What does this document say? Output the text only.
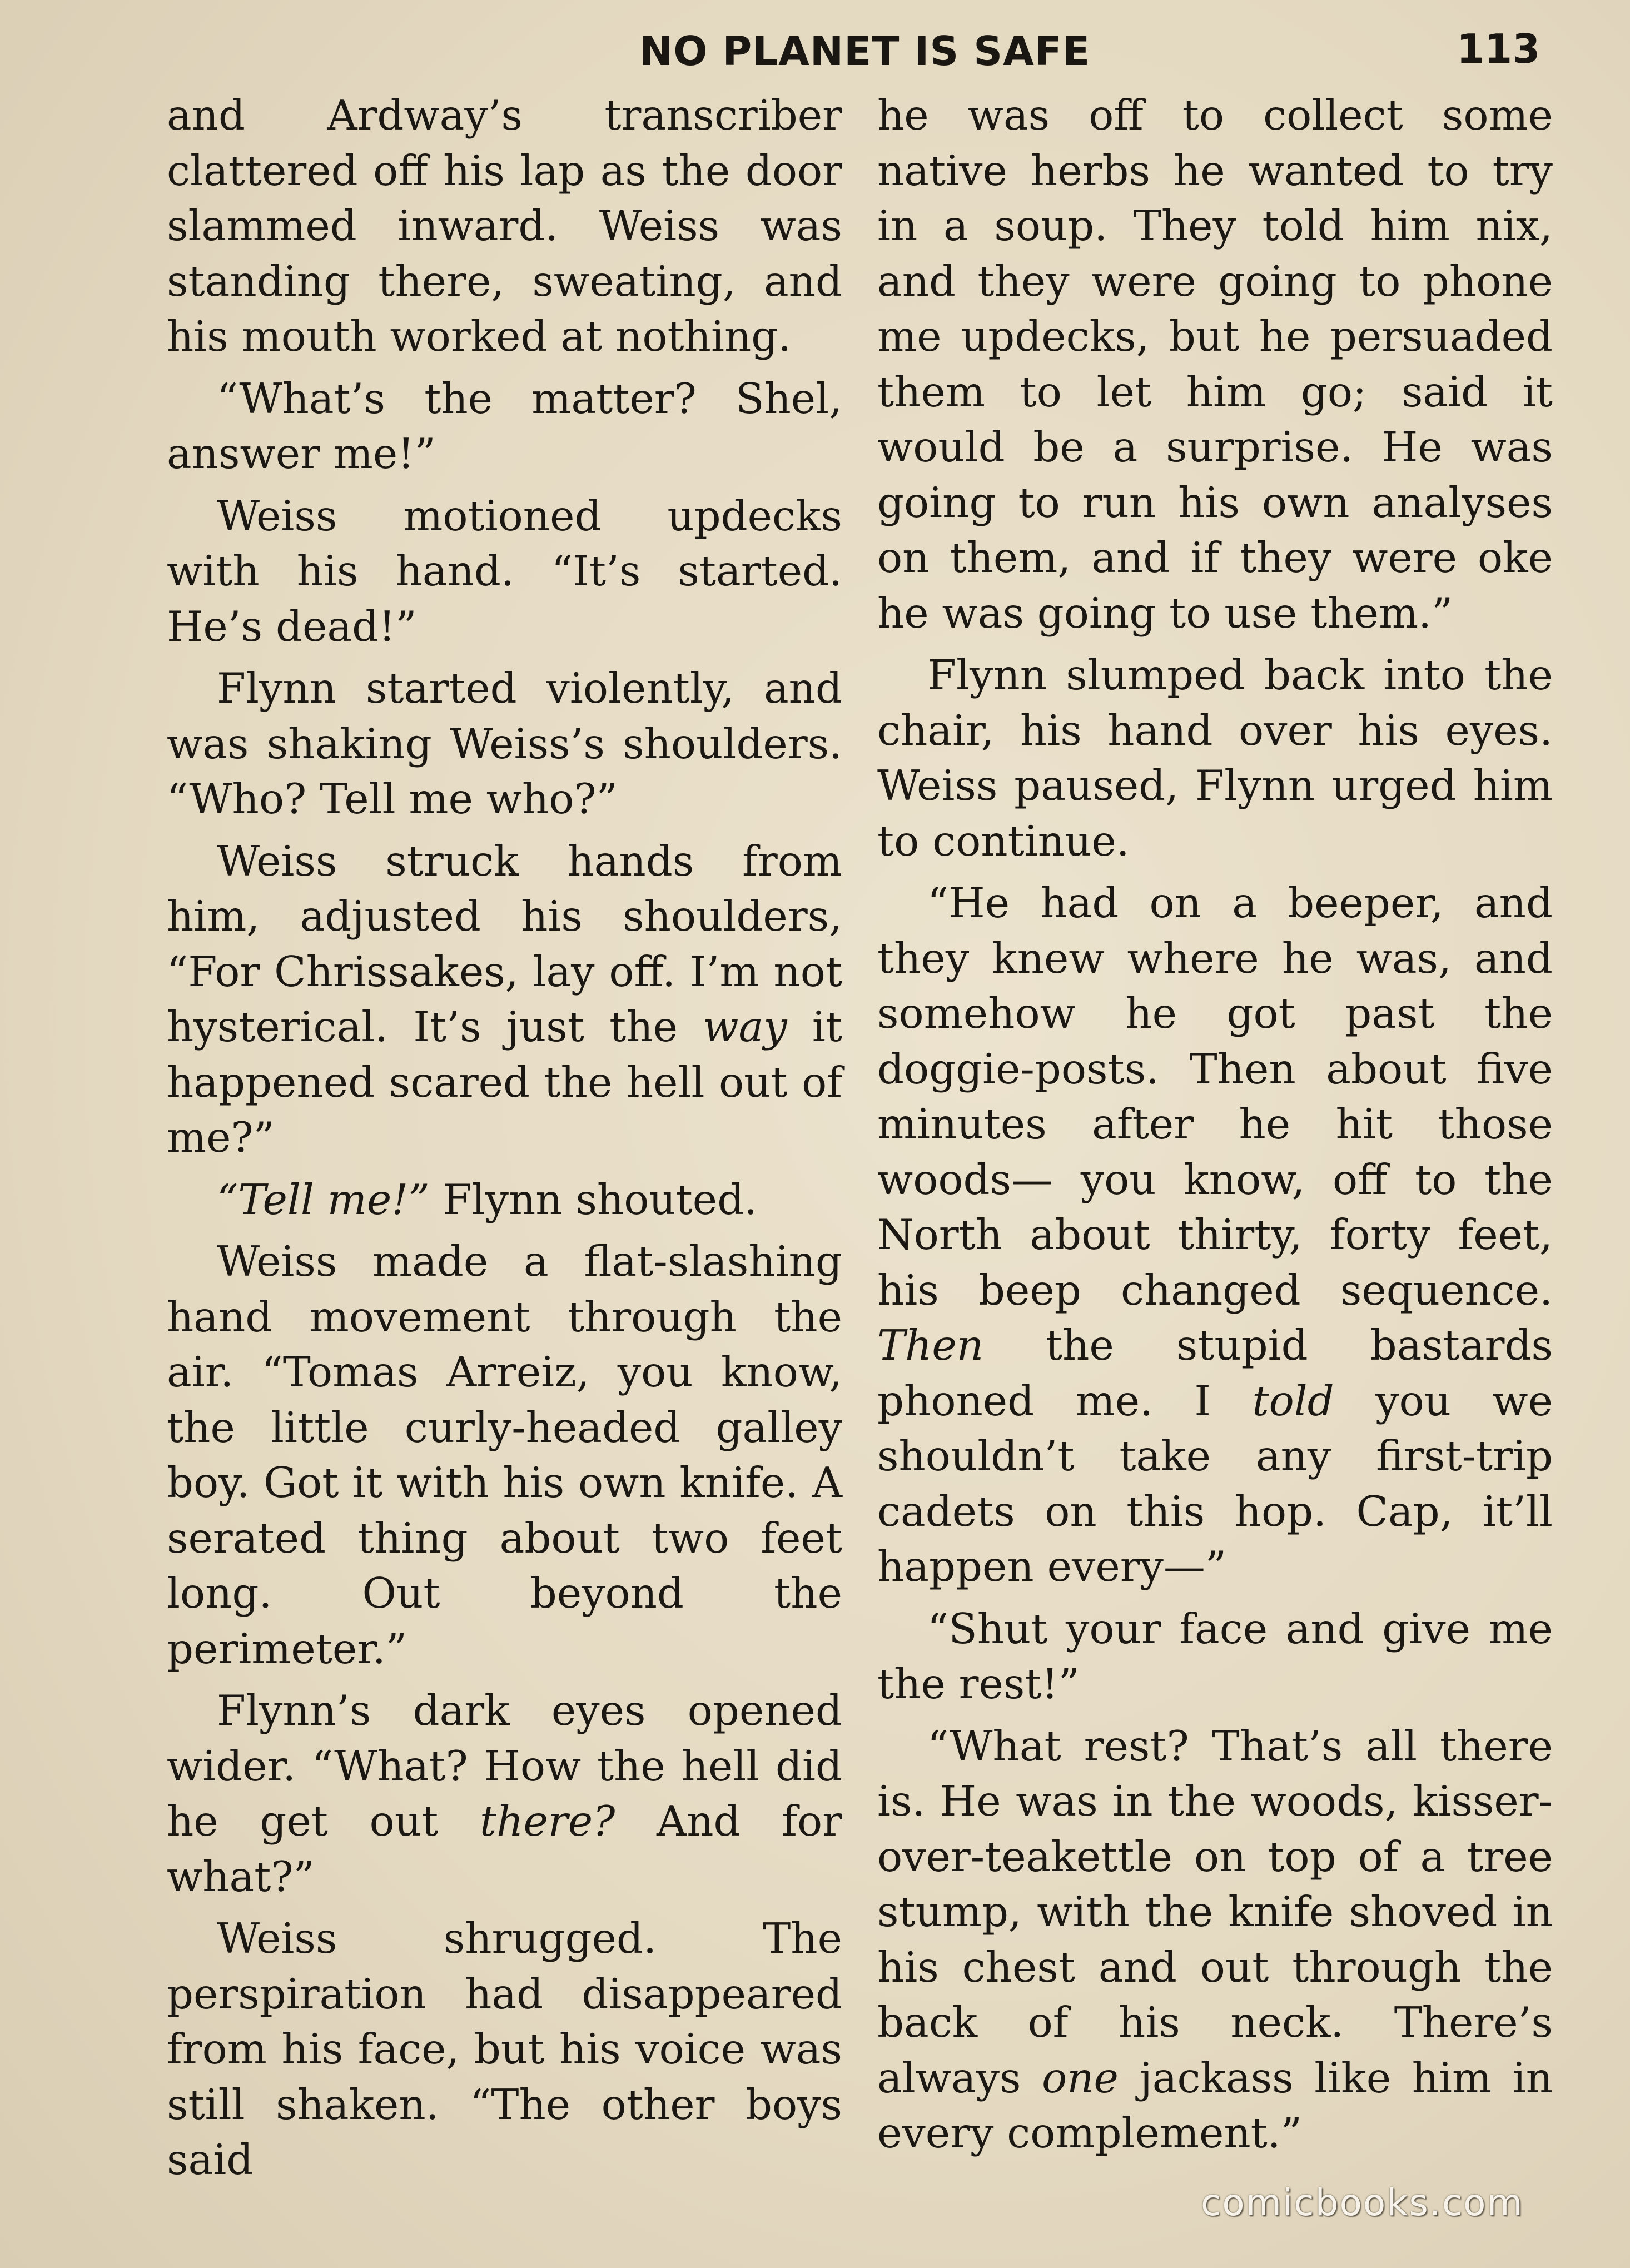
NO PLANET IS SAFE	113

and Ardway’s transcriber clattered off his lap as the door slammed inward. Weiss was standing there, sweating, and his mouth worked at nothing.

“What’s the matter? Shel, answer me!”

Weiss motioned updecks with his hand. “It’s started. He’s dead!”

Flynn started violently, and was shaking Weiss’s shoulders. “Who? Tell me who?”

Weiss struck hands from him, adjusted his shoulders, “For Chrissakes, lay off. I’m not hysterical. It’s just the way it happened scared the hell out of me?”

“Tell me!” Flynn shouted.

Weiss made a flat-slashing hand movement through the air. “Tomas Arreiz, you know, the little curly-headed galley boy. Got it with his own knife. A serated thing about two feet long. Out beyond the perimeter.”

Flynn’s dark eyes opened wider. “What? How the hell did he get out there? And for what?”

Weiss shrugged. The perspiration had disappeared from his face, but his voice was still shaken. “The other boys said

he was off to collect some native herbs he wanted to try in a soup. They told him nix, and they were going to phone me updecks, but he persuaded them to let him go; said it would be a surprise. He was going to run his own analyses on them, and if they were oke he was going to use them.”

Flynn slumped back into the chair, his hand over his eyes. Weiss paused, Flynn urged him to continue.

“He had on a beeper, and they knew where he was, and somehow he got past the doggie-posts. Then about five minutes after he hit those woods— you know, off to the North about thirty, forty feet, his beep changed sequence. Then the stupid bastards phoned me. I told you we shouldn’t take any first-trip cadets on this hop. Cap, it’ll happen every—”

“Shut your face and give me the rest!”

“What rest? That’s all there is. He was in the woods, kisser-over-teakettle on top of a tree stump, with the knife shoved in his chest and out through the back of his neck. There’s always one jackass like him in every complement.”

comicbooks.com
